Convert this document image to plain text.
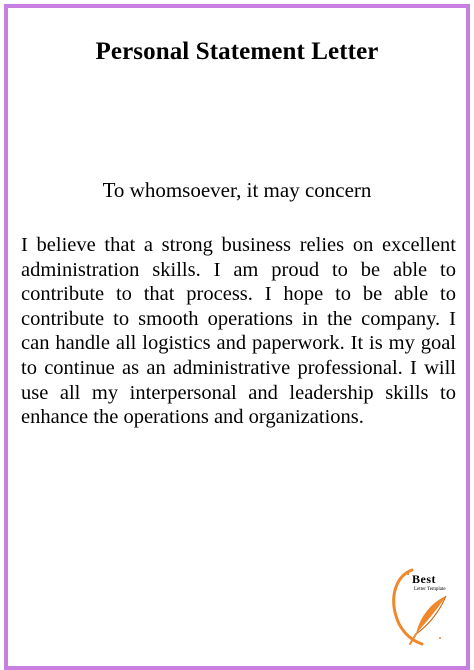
Personal Statement Letter
To whomsoever, it may concern
I believe that a strong business relies on excellent administration skills. I am proud to be able to contribute to that process. I hope to be able to contribute to smooth operations in the company. I can handle all logistics and paperwork. It is my goal to continue as an administrative professional. I will use all my interpersonal and leadership skills to enhance the operations and organizations.
Best
Letter Template
